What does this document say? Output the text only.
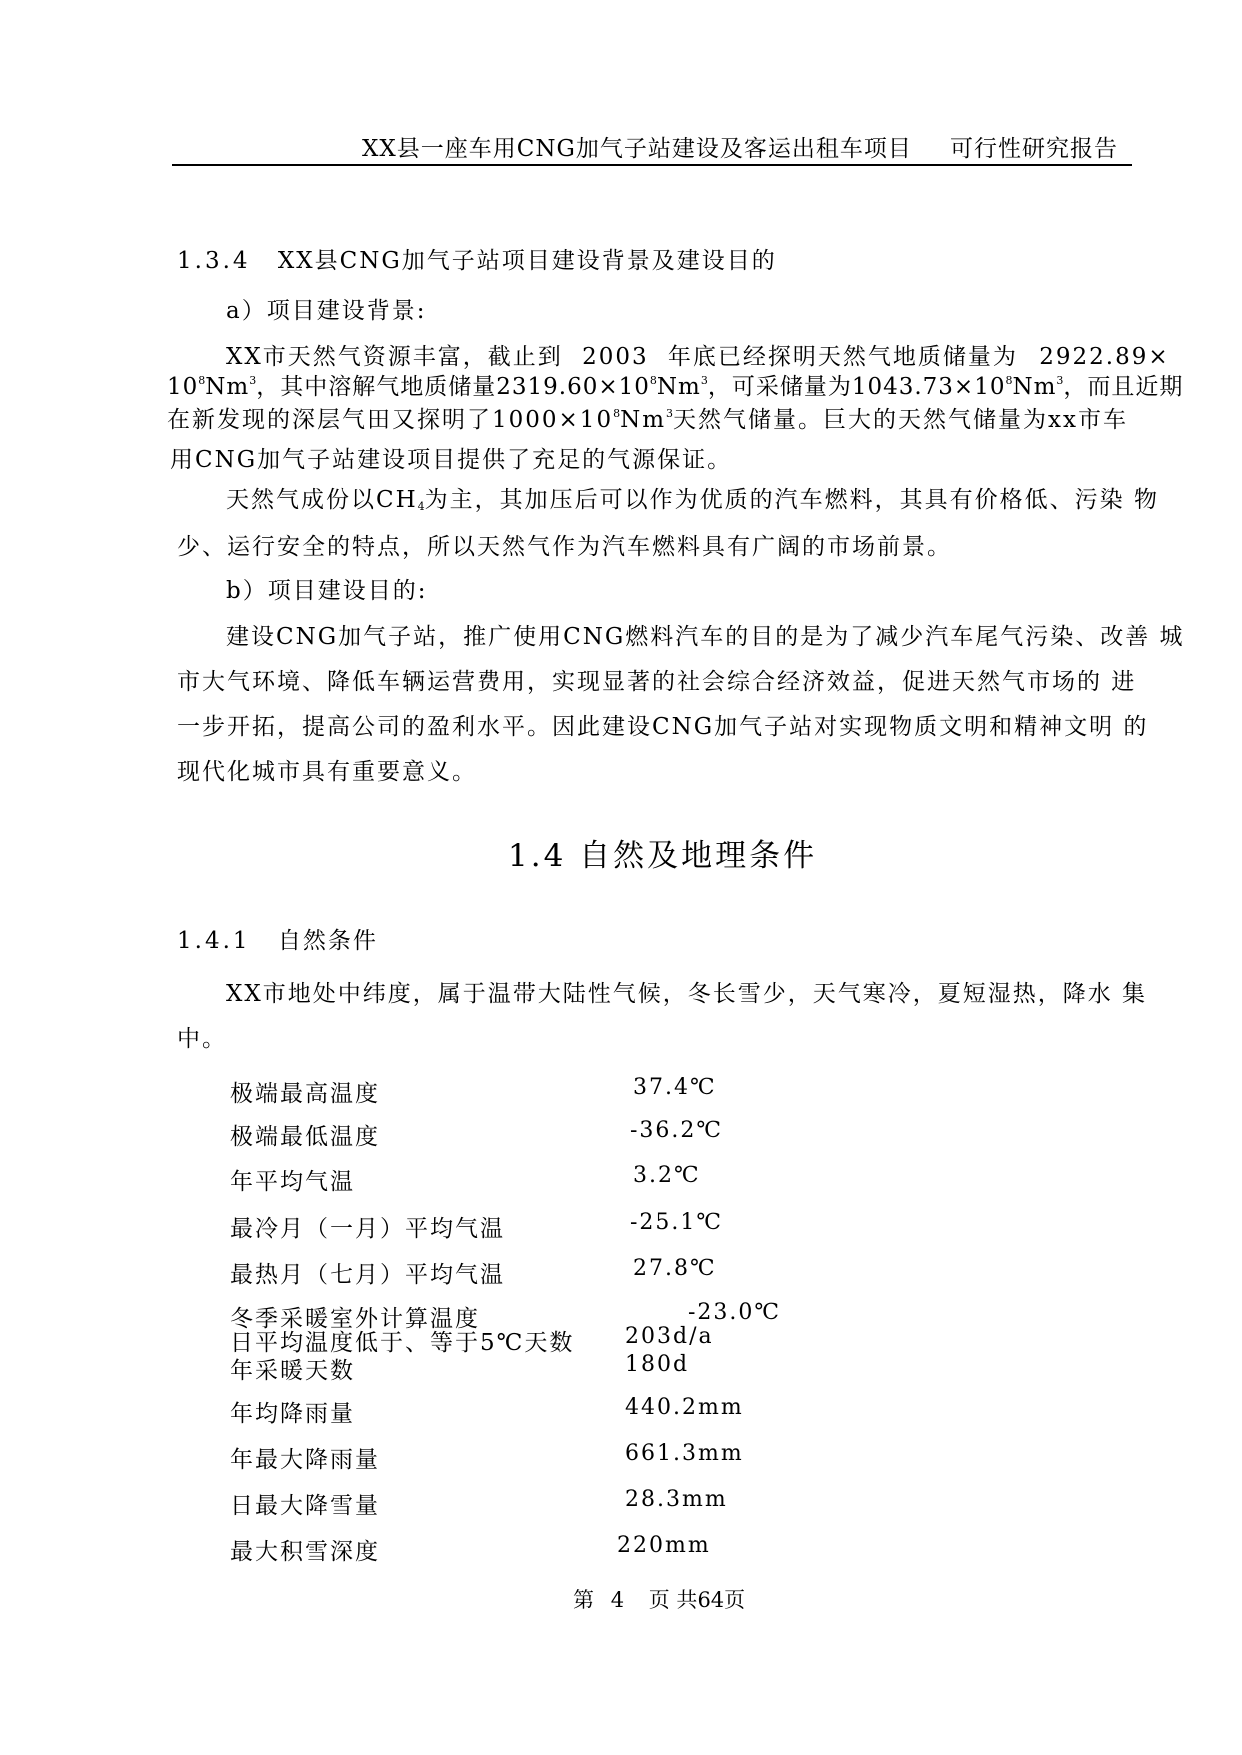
XX县一座车用CNG加气子站建设及客运出租车项目 可行性研究报告
1.3.4 XX县CNG加气子站项目建设背景及建设目的
a）项目建设背景:
XX市天然气资源丰富，截止到 2003 年底已经探明天然气地质储量为 2922.89×
$10^8Nm^3$，其中溶解气地质储量$2319.60\times 10^8Nm^3$，可采储量为$1043.73\times 10^8Nm^3$，而且近期
在新发现的深层气田又探明了$1000\times 10^8Nm^3$天然气储量。巨大的天然气储量为xx市车
用CNG加气子站建设项目提供了充足的气源保证。
天然气成份以$CH_4$为主，其加压后可以作为优质的汽车燃料，其具有价格低、污染 物
少、运行安全的特点，所以天然气作为汽车燃料具有广阔的市场前景。
b）项目建设目的:
建设CNG加气子站，推广使用CNG燃料汽车的目的是为了减少汽车尾气污染、改善 城
市大气环境、降低车辆运营费用，实现显著的社会综合经济效益，促进天然气市场的 进
一步开拓，提高公司的盈利水平。因此建设CNG加气子站对实现物质文明和精神文明 的
现代化城市具有重要意义。
1.4 自然及地理条件
1.4.1 自然条件
XX市地处中纬度，属于温带大陆性气候，冬长雪少，天气寒冷，夏短湿热，降水 集
中。
极端最高温度	37.4℃
极端最低温度	-36.2℃
年平均气温	3.2℃
最冷月（一月）平均气温	-25.1℃
最热月（七月）平均气温	27.8℃
冬季采暖室外计算温度	-23.0℃
日平均温度低于、等于5℃天数 203d/a
年采暖天数	180d
年均降雨量	440.2mm
年最大降雨量	661.3mm
日最大降雪量	28.3mm
最大积雪深度	220mm
第 4 页 共64页
